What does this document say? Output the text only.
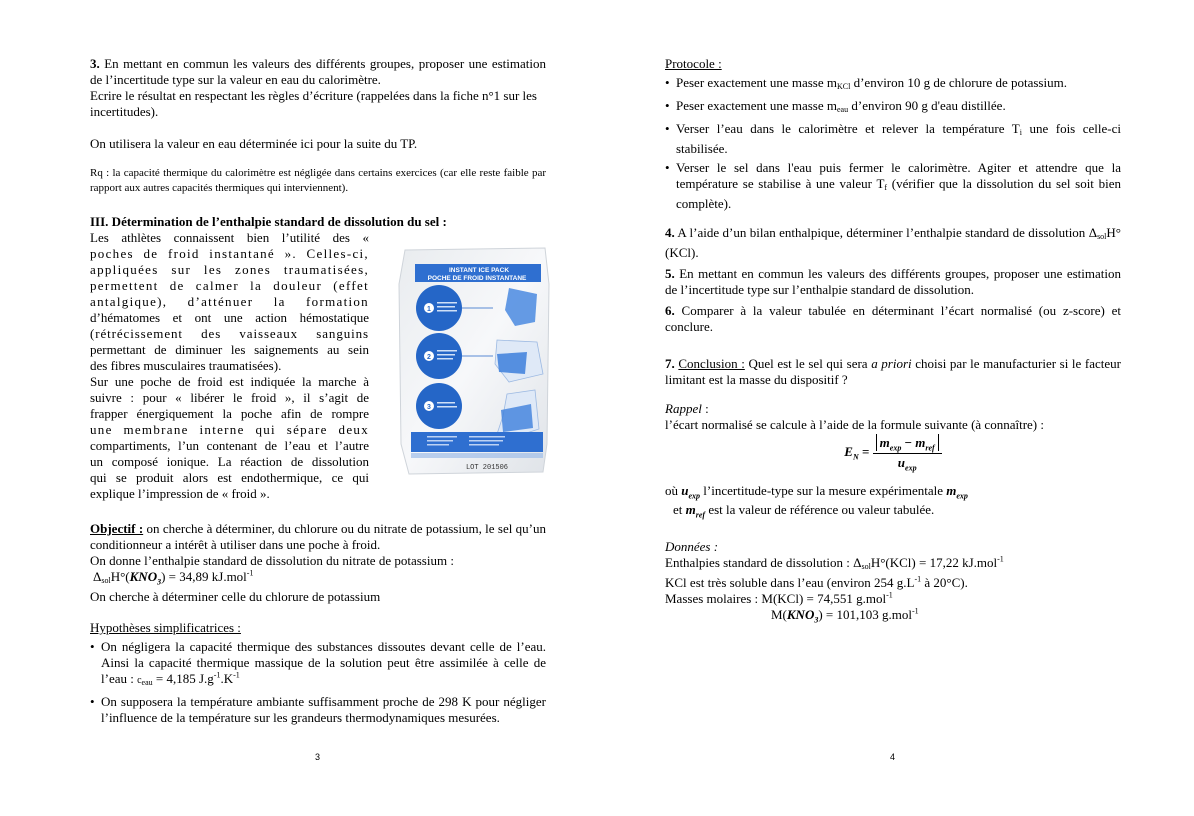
3. En mettant en commun les valeurs des différents groupes, proposer une estimation de l’incertitude type sur la valeur en eau du calorimètre.

Ecrire le résultat en respectant les règles d’écriture (rappelées dans la fiche n°1 sur les incertitudes).

On utilisera la valeur en eau déterminée ici pour la suite du TP.

Rq : la capacité thermique du calorimètre est négligée dans certains exercices (car elle reste faible par rapport aux autres capacités thermiques qui interviennent).

III. Détermination de l’enthalpie standard de dissolution du sel :

Les athlètes connaissent bien l’utilité des «

poches de froid instantané ». Celles-ci,

appliquées sur les zones traumatisées,

permettent de calmer la douleur (effet

antalgique), d’atténuer la formation

d’hématomes et ont une action hémostatique

(rétrécissement des vaisseaux sanguins

permettant de diminuer les saignements au sein

des fibres musculaires traumatisées).

Sur une poche de froid est indiquée la marche à

suivre : pour « libérer le froid », il s’agit de

frapper énergiquement la poche afin de rompre

une membrane interne qui sépare deux

compartiments, l’un contenant de l’eau et l’autre

un composé ionique. La réaction de dissolution

qui se produit alors est endothermique, ce qui

explique l’impression de « froid ».

INSTANT ICE PACK
POCHE DE FROID INSTANTANE
1
2
3
LOT 201506

Objectif : on cherche à déterminer, du chlorure ou du nitrate de potassium, le sel qu’un conditionneur a intérêt à utiliser dans une poche à froid.

On donne l’enthalpie standard de dissolution du nitrate de potassium :

$\Delta solH^\circ(KNO_3) = 34,89$ kJ.mol$^{-1}$

On cherche à déterminer celle du chlorure de potassium

Hypothèses simplificatrices :

• On négligera la capacité thermique des substances dissoutes devant celle de l’eau. Ainsi la capacité thermique massique de la solution peut être assimilée à celle de l’eau : ceau = 4,185 $J.g^{-1}.K^{-1}$

• On supposera la température ambiante suffisamment proche de 298 K pour négliger l’influence de la température sur les grandeurs thermodynamiques mesurées.

3

Protocole :

• Peser exactement une masse mKCl d’environ 10 g de chlorure de potassium.

• Peser exactement une masse meau d’environ 90 g d'eau distillée.

• Verser l’eau dans le calorimètre et relever la température Ti une fois celle-ci stabilisée.

• Verser le sel dans l'eau puis fermer le calorimètre. Agiter et attendre que la température se stabilise à une valeur Tf (vérifier que la dissolution du sel soit bien complète).

4. A l’aide d’un bilan enthalpique, déterminer l’enthalpie standard de dissolution ΔsolH°(KCl).

5. En mettant en commun les valeurs des différents groupes, proposer une estimation de l’incertitude type sur l’enthalpie standard de dissolution.

6. Comparer à la valeur tabulée en déterminant l’écart normalisé (ou z-score) et conclure.

7. Conclusion : Quel est le sel qui sera a priori choisi par le manufacturier si le facteur limitant est la masse du dispositif ?

Rappel :

l’écart normalisé se calcule à l’aide de la formule suivante (à connaître) :

$E_N = \frac{m_{exp} - m_{ref}}{u_{exp}}$

où $u_{exp}$ l’incertitude-type sur la mesure expérimentale $m_{exp}$

et $m_{ref}$ est la valeur de référence ou valeur tabulée.

Données :

Enthalpies standard de dissolution : ΔsolH°(KCl) = 17,22 kJ.mol$^{-1}$

KCl est très soluble dans l’eau (environ 254 $g.L^{-1}$ à 20°C).

Masses molaires : M(KCl) = 74,551 g.mol$^{-1}$

$M(KNO_3) = 101,103$ g.mol$^{-1}$

4
